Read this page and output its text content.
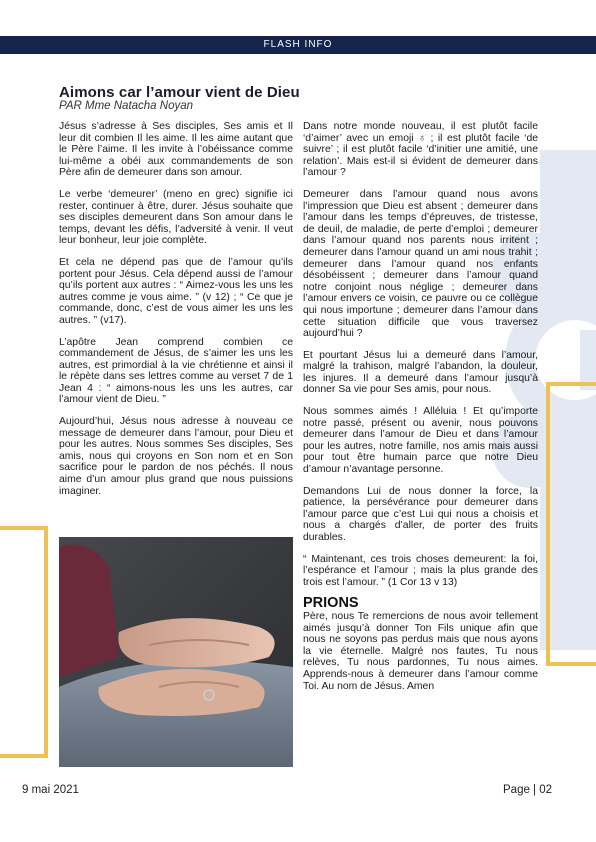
FLASH INFO
Aimons car l’amour vient de Dieu
PAR Mme Natacha Noyan

Jésus s’adresse à Ses disciples, Ses amis et Il leur dit combien Il les aime. Il les aime autant que le Père l’aime. Il les invite à l’obéissance comme lui-même a obéi aux commandements de son Père afin de demeurer dans son amour.

Le verbe ‘demeurer’ (meno en grec) signifie ici rester, continuer à être, durer. Jésus souhaite que ses disciples demeurent dans Son amour dans le temps, devant les défis, l’adversité à venir. Il veut leur bonheur, leur joie complète.

Et cela ne dépend pas que de l’amour qu’ils portent pour Jésus. Cela dépend aussi de l’amour qu’ils portent aux autres : “ Aimez-vous les uns les autres comme je vous aime. ” (v 12) ; “ Ce que je commande, donc, c’est de vous aimer les uns les autres. ” (v17).

L’apôtre Jean comprend combien ce commandement de Jésus, de s’aimer les uns les autres, est primordial à la vie chrétienne et ainsi il le répète dans ses lettres comme au verset 7 de 1 Jean 4 : “ aimons-nous les uns les autres, car l’amour vient de Dieu. ”

Aujourd’hui, Jésus nous adresse à nouveau ce message de demeurer dans l’amour, pour Dieu et pour les autres. Nous sommes Ses disciples, Ses amis, nous qui croyons en Son nom et en Son sacrifice pour le pardon de nos péchés. Il nous aime d’un amour plus grand que nous puissions imaginer.

Dans notre monde nouveau, il est plutôt facile ‘d’aimer’ avec un emoji ♁ ; il est plutôt facile ‘de suivre’ ; il est plutôt facile ‘d’initier une amitié, une relation’. Mais est-il si évident de demeurer dans l’amour ?

Demeurer dans l’amour quand nous avons l’impression que Dieu est absent ; demeurer dans l’amour dans les temps d’épreuves, de tristesse, de deuil, de maladie, de perte d’emploi ; demeurer dans l’amour quand nos parents nous irritent ; demeurer dans l’amour quand un ami nous trahit ; demeurer dans l’amour quand nos enfants désobéissent ; demeurer dans l’amour quand notre conjoint nous néglige ; demeurer dans l’amour envers ce voisin, ce pauvre ou ce collègue qui nous importune ; demeurer dans l’amour dans cette situation difficile que vous traversez aujourd’hui ?

Et pourtant Jésus lui a demeuré dans l’amour, malgré la trahison, malgré l’abandon, la douleur, les injures. Il a demeuré dans l’amour jusqu’à donner Sa vie pour Ses amis, pour nous.

Nous sommes aimés ! Alléluia ! Et qu’importe notre passé, présent ou avenir, nous pouvons demeurer dans l’amour de Dieu et dans l’amour pour les autres, notre famille, nos amis mais aussi pour tout être humain parce que notre Dieu d’amour n’avantage personne.

Demandons Lui de nous donner la force, la patience, la persévérance pour demeurer dans l’amour parce que c’est Lui qui nous a choisis et nous a chargés d’aller, de porter des fruits durables.

“ Maintenant, ces trois choses demeurent: la foi, l’espérance et l’amour ; mais la plus grande des trois est l’amour. ” (1 Cor 13 v 13)

PRIONS

Père, nous Te remercions de nous avoir tellement aimés jusqu’à donner Ton Fils unique afin que nous ne soyons pas perdus mais que nous ayons la vie éternelle. Malgré nos fautes, Tu nous relèves, Tu nous pardonnes, Tu nous aimes. Apprends-nous à demeurer dans l’amour comme Toi. Au nom de Jésus. Amen

9 mai 2021	Page | 02
